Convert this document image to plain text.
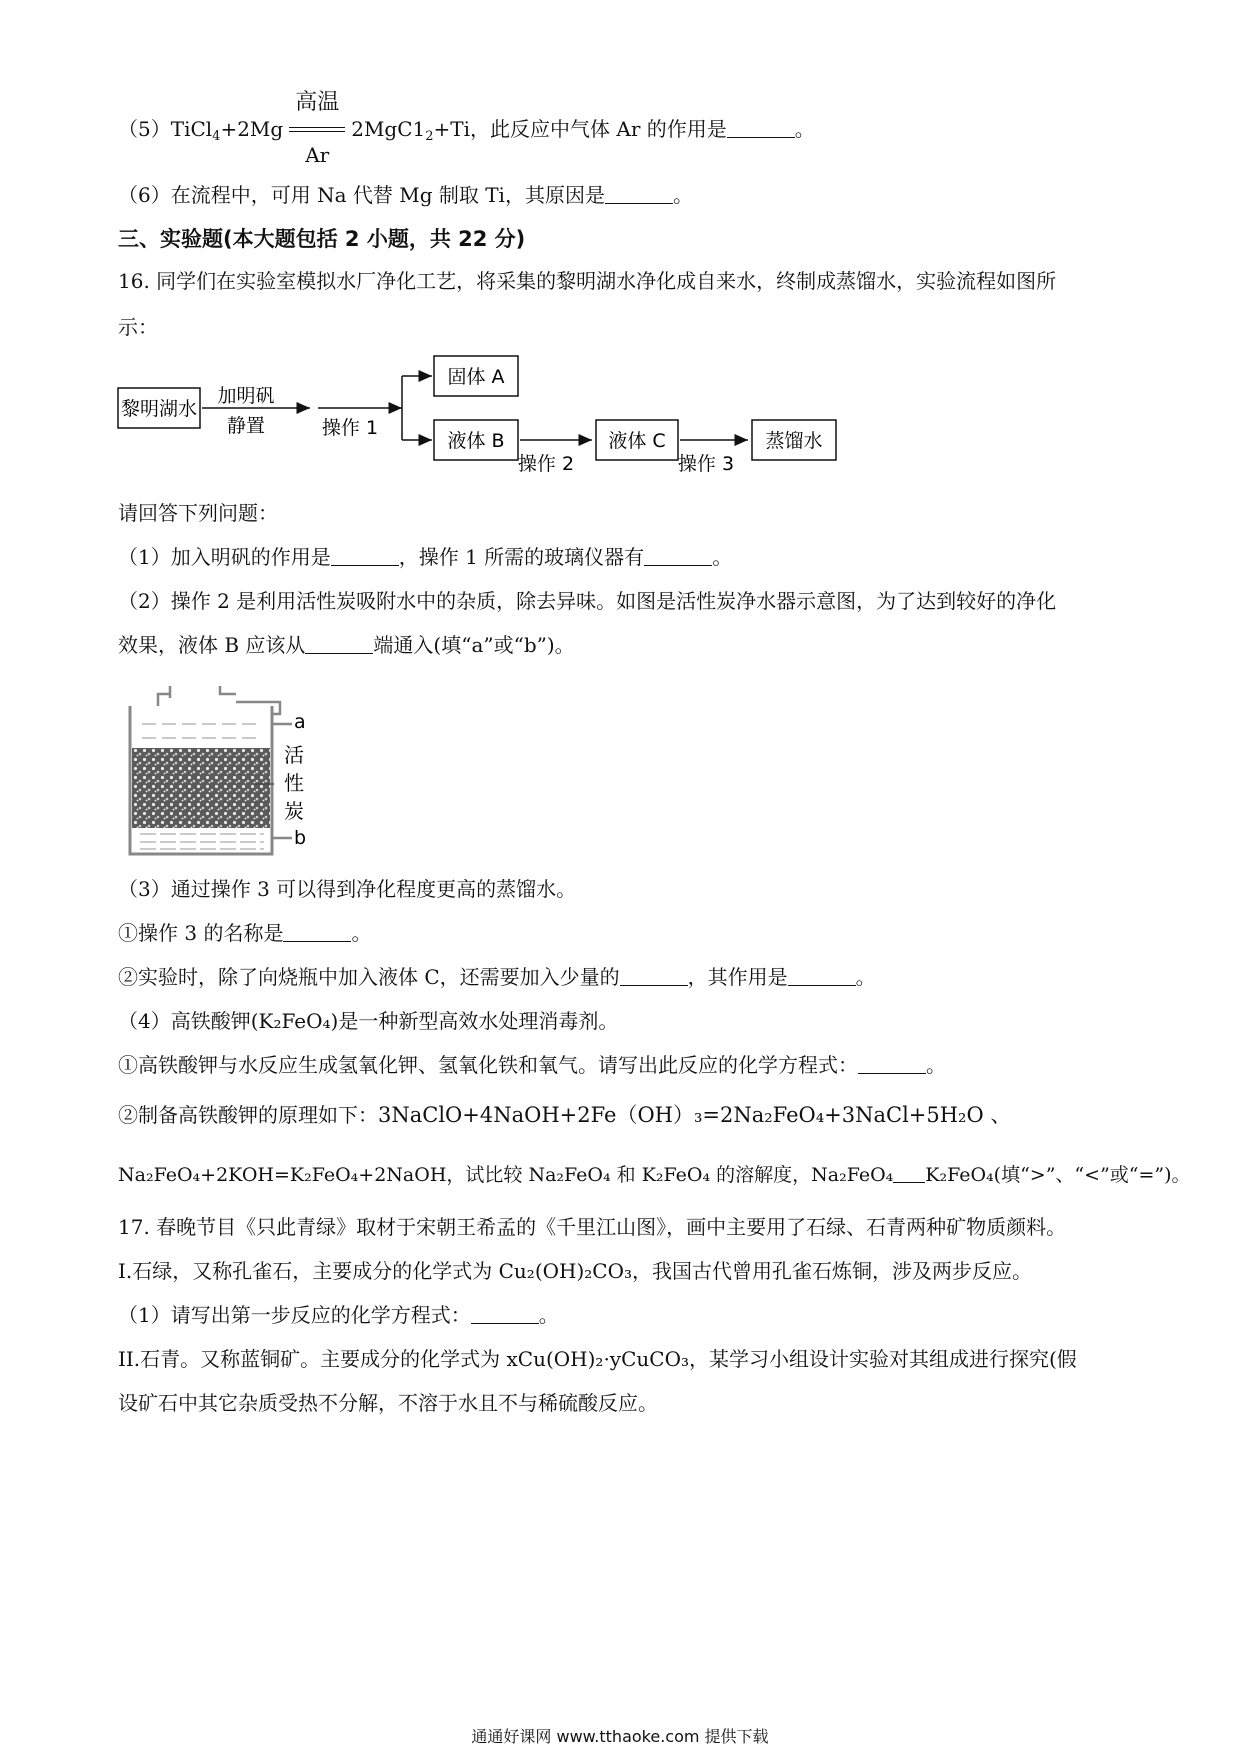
（5）TiCl$_4$+2Mg $\frac{\text{高温}}{Ar} 2MgC1_2+Ti$，此反应中气体 Ar 的作用是	。
（6）在流程中，可用 Na 代替 Mg 制取 Ti，其原因是	。
三、实验题(本大题包括 2 小题，共 22 分)
16. 同学们在实验室模拟水厂净化工艺，将采集的黎明湖水净化成自来水，终制成蒸馏水，实验流程如图所
示：
黎明湖水
加明矾
静置	操作 1
固体 A
液体 B
操作 2
液体 C
操作 3
蒸馏水
请回答下列问题：
（1）加入明矾的作用是	，操作 1 所需的玻璃仪器有	。
（2）操作 2 是利用活性炭吸附水中的杂质，除去异味。如图是活性炭净水器示意图，为了达到较好的净化
效果，液体 B 应该从	端通入(填“a”或“b”)。
a
活
性
炭
b
（3）通过操作 3 可以得到净化程度更高的蒸馏水。
①操作 3 的名称是	。
②实验时，除了向烧瓶中加入液体 C，还需要加入少量的	，其作用是	。
（4）高铁酸钾(K₂FeO₄)是一种新型高效水处理消毒剂。
①高铁酸钾与水反应生成氢氧化钾、氢氧化铁和氧气。请写出此反应的化学方程式：	。
②制备高铁酸钾的原理如下：3NaClO+4NaOH+2Fe（OH）₃=2Na₂FeO₄+3NaCl+5H₂O 、
Na₂FeO₄+2KOH=K₂FeO₄+2NaOH，试比较 Na₂FeO₄ 和 K₂FeO₄ 的溶解度，Na₂FeO₄ K₂FeO₄(填“>”、“<”或“=”)。
17. 春晚节目《只此青绿》取材于宋朝王希孟的《千里江山图》，画中主要用了石绿、石青两种矿物质颜料。
I.石绿，又称孔雀石，主要成分的化学式为 Cu₂(OH)₂CO₃，我国古代曾用孔雀石炼铜，涉及两步反应。
（1）请写出第一步反应的化学方程式：	。
II.石青。又称蓝铜矿。主要成分的化学式为 xCu(OH)₂·yCuCO₃，某学习小组设计实验对其组成进行探究(假
设矿石中其它杂质受热不分解，不溶于水且不与稀硫酸反应。
通通好课网 www.tthaoke.com 提供下载
